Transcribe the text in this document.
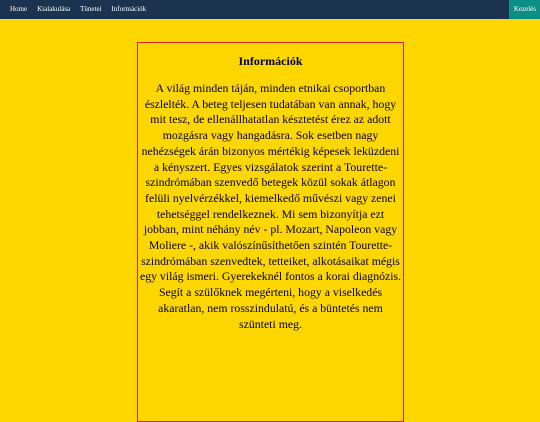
Home	Kialakulása	Tünetei	Információk	Kezelés
Információk

A világ minden táján, minden etnikai csoportban észlelték. A beteg teljesen tudatában van annak, hogy mit tesz, de ellenállhatatlan késztetést érez az adott mozgásra vagy hangadásra. Sok esetben nagy nehézségek árán bizonyos mértékig képesek leküzdeni a kényszert. Egyes vizsgálatok szerint a Tourette-szindrómában szenvedő betegek közül sokak átlagon felüli nyelvérzékkel, kiemelkedő művészi vagy zenei tehetséggel rendelkeznek. Mi sem bizonyítja ezt jobban, mint néhány név - pl. Mozart, Napoleon vagy Moliere -, akik valószínűsíthetően szintén Tourette-szindrómában szenvedtek, tetteiket, alkotásaikat mégis egy világ ismeri. Gyerekeknél fontos a korai diagnózis. Segít a szülőknek megérteni, hogy a viselkedés akaratlan, nem rosszindulatú, és a büntetés nem szünteti meg.
